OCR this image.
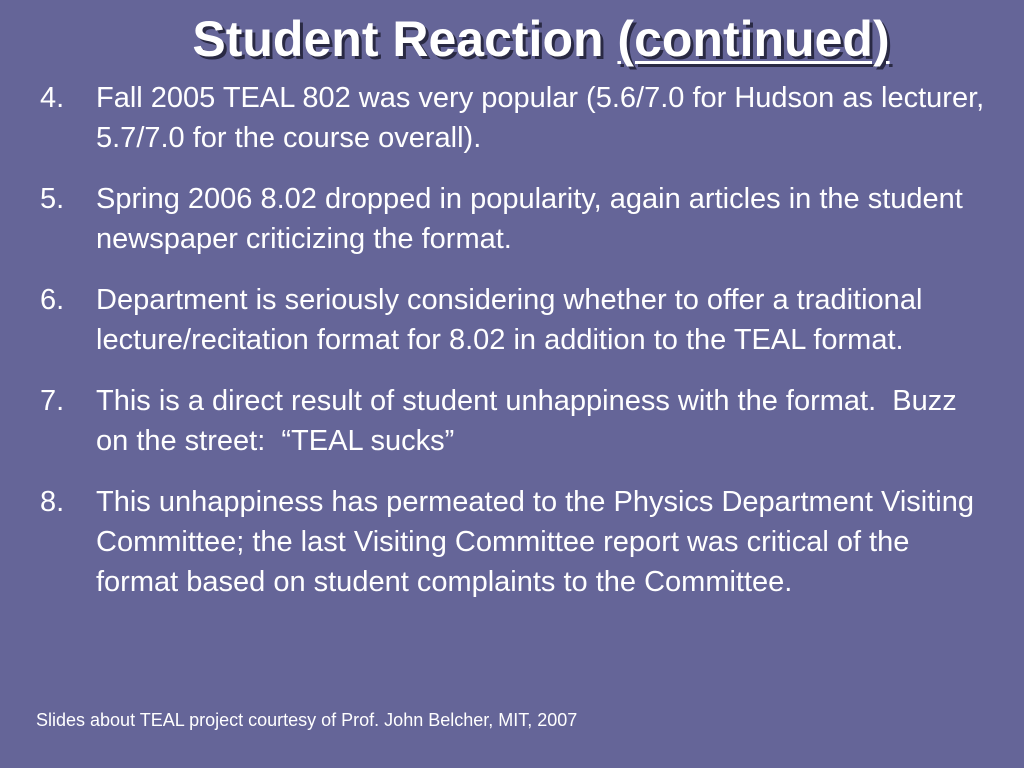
Student Reaction (continued)
4.	Fall 2005 TEAL 802 was very popular (5.6/7.0 for Hudson as lecturer, 5.7/7.0 for the course overall).
5.	Spring 2006 8.02 dropped in popularity, again articles in the student newspaper criticizing the format.
6.	Department is seriously considering whether to offer a traditional lecture/recitation format for 8.02 in addition to the TEAL format.
7.	This is a direct result of student unhappiness with the format.  Buzz on the street:  “TEAL sucks”
8.	This unhappiness has permeated to the Physics Department Visiting Committee; the last Visiting Committee report was critical of the format based on student complaints to the Committee.
Slides about TEAL project courtesy of Prof. John Belcher, MIT, 2007
